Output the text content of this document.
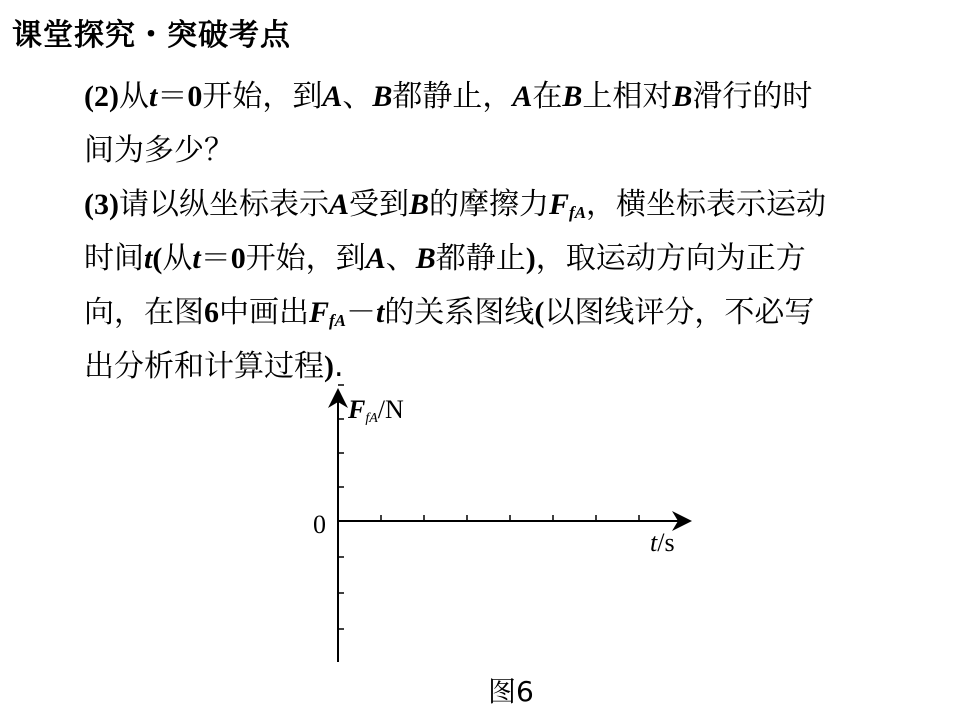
课堂探究・突破考点
(2)从t＝0开始，到A、B都静止，A在B上相对B滑行的时
间为多少？
(3)请以纵坐标表示A受到B的摩擦力$F_{fA}$，横坐标表示运动
时间t(从t＝0开始，到A、B都静止)，取运动方向为正方
向，在图6中画出$F_{fA}-t$的关系图线(以图线评分，不必写
出分析和计算过程).
0
FfA/N
t/s
图6
